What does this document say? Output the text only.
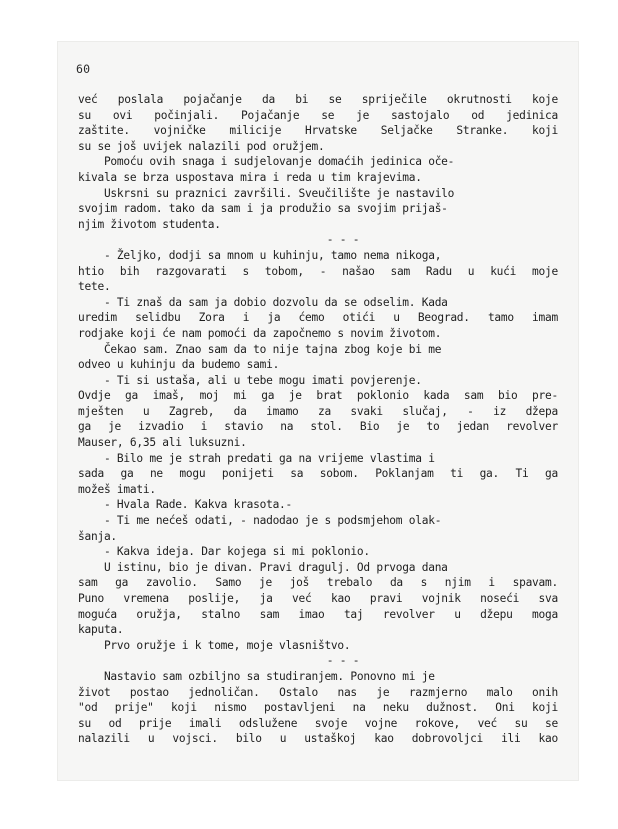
60
već poslala pojačanje da bi se spriječile okrutnosti koje
su ovi počinjali. Pojačanje se je sastojalo od jedinica
zaštite. vojničke milicije Hrvatske Seljačke Stranke. koji
su se još uvijek nalazili pod oružjem.
Pomoću ovih snaga i sudjelovanje domaćih jedinica oče-
kivala se brza uspostava mira i reda u tim krajevima.
Uskrsni su praznici završili. Sveučilište je nastavilo
svojim radom. tako da sam i ja produžio sa svojim prijaš-
njim životom studenta.
- - -
- Željko, dodji sa mnom u kuhinju, tamo nema nikoga,
htio bih razgovarati s tobom, - našao sam Radu u kući moje
tete.
- Ti znaš da sam ja dobio dozvolu da se odselim. Kada
uredim selidbu Zora i ja ćemo otići u Beograd. tamo imam
rodjake koji će nam pomoći da započnemo s novim životom.
Čekao sam. Znao sam da to nije tajna zbog koje bi me
odveo u kuhinju da budemo sami.
- Ti si ustaša, ali u tebe mogu imati povjerenje.
Ovdje ga imaš, moj mi ga je brat poklonio kada sam bio pre-
mješten u Zagreb, da imamo za svaki slučaj, - iz džepa
ga je izvadio i stavio na stol. Bio je to jedan revolver
Mauser, 6,35 ali luksuzni.
- Bilo me je strah predati ga na vrijeme vlastima i
sada ga ne mogu ponijeti sa sobom. Poklanjam ti ga. Ti ga
možeš imati.
- Hvala Rade. Kakva krasota.-
- Ti me nećeš odati, - nadodao je s podsmjehom olak-
šanja.
- Kakva ideja. Dar kojega si mi poklonio.
U istinu, bio je divan. Pravi dragulj. Od prvoga dana
sam ga zavolio. Samo je još trebalo da s njim i spavam.
Puno vremena poslije, ja već kao pravi vojnik noseći sva
moguća oružja, stalno sam imao taj revolver u džepu moga
kaputa.
Prvo oružje i k tome, moje vlasništvo.
- - -
Nastavio sam ozbiljno sa studiranjem. Ponovno mi je
život postao jednoličan. Ostalo nas je razmjerno malo onih
"od prije" koji nismo postavljeni na neku dužnost. Oni koji
su od prije imali odslužene svoje vojne rokove, već su se
nalazili u vojsci. bilo u ustaškoj kao dobrovoljci ili kao
